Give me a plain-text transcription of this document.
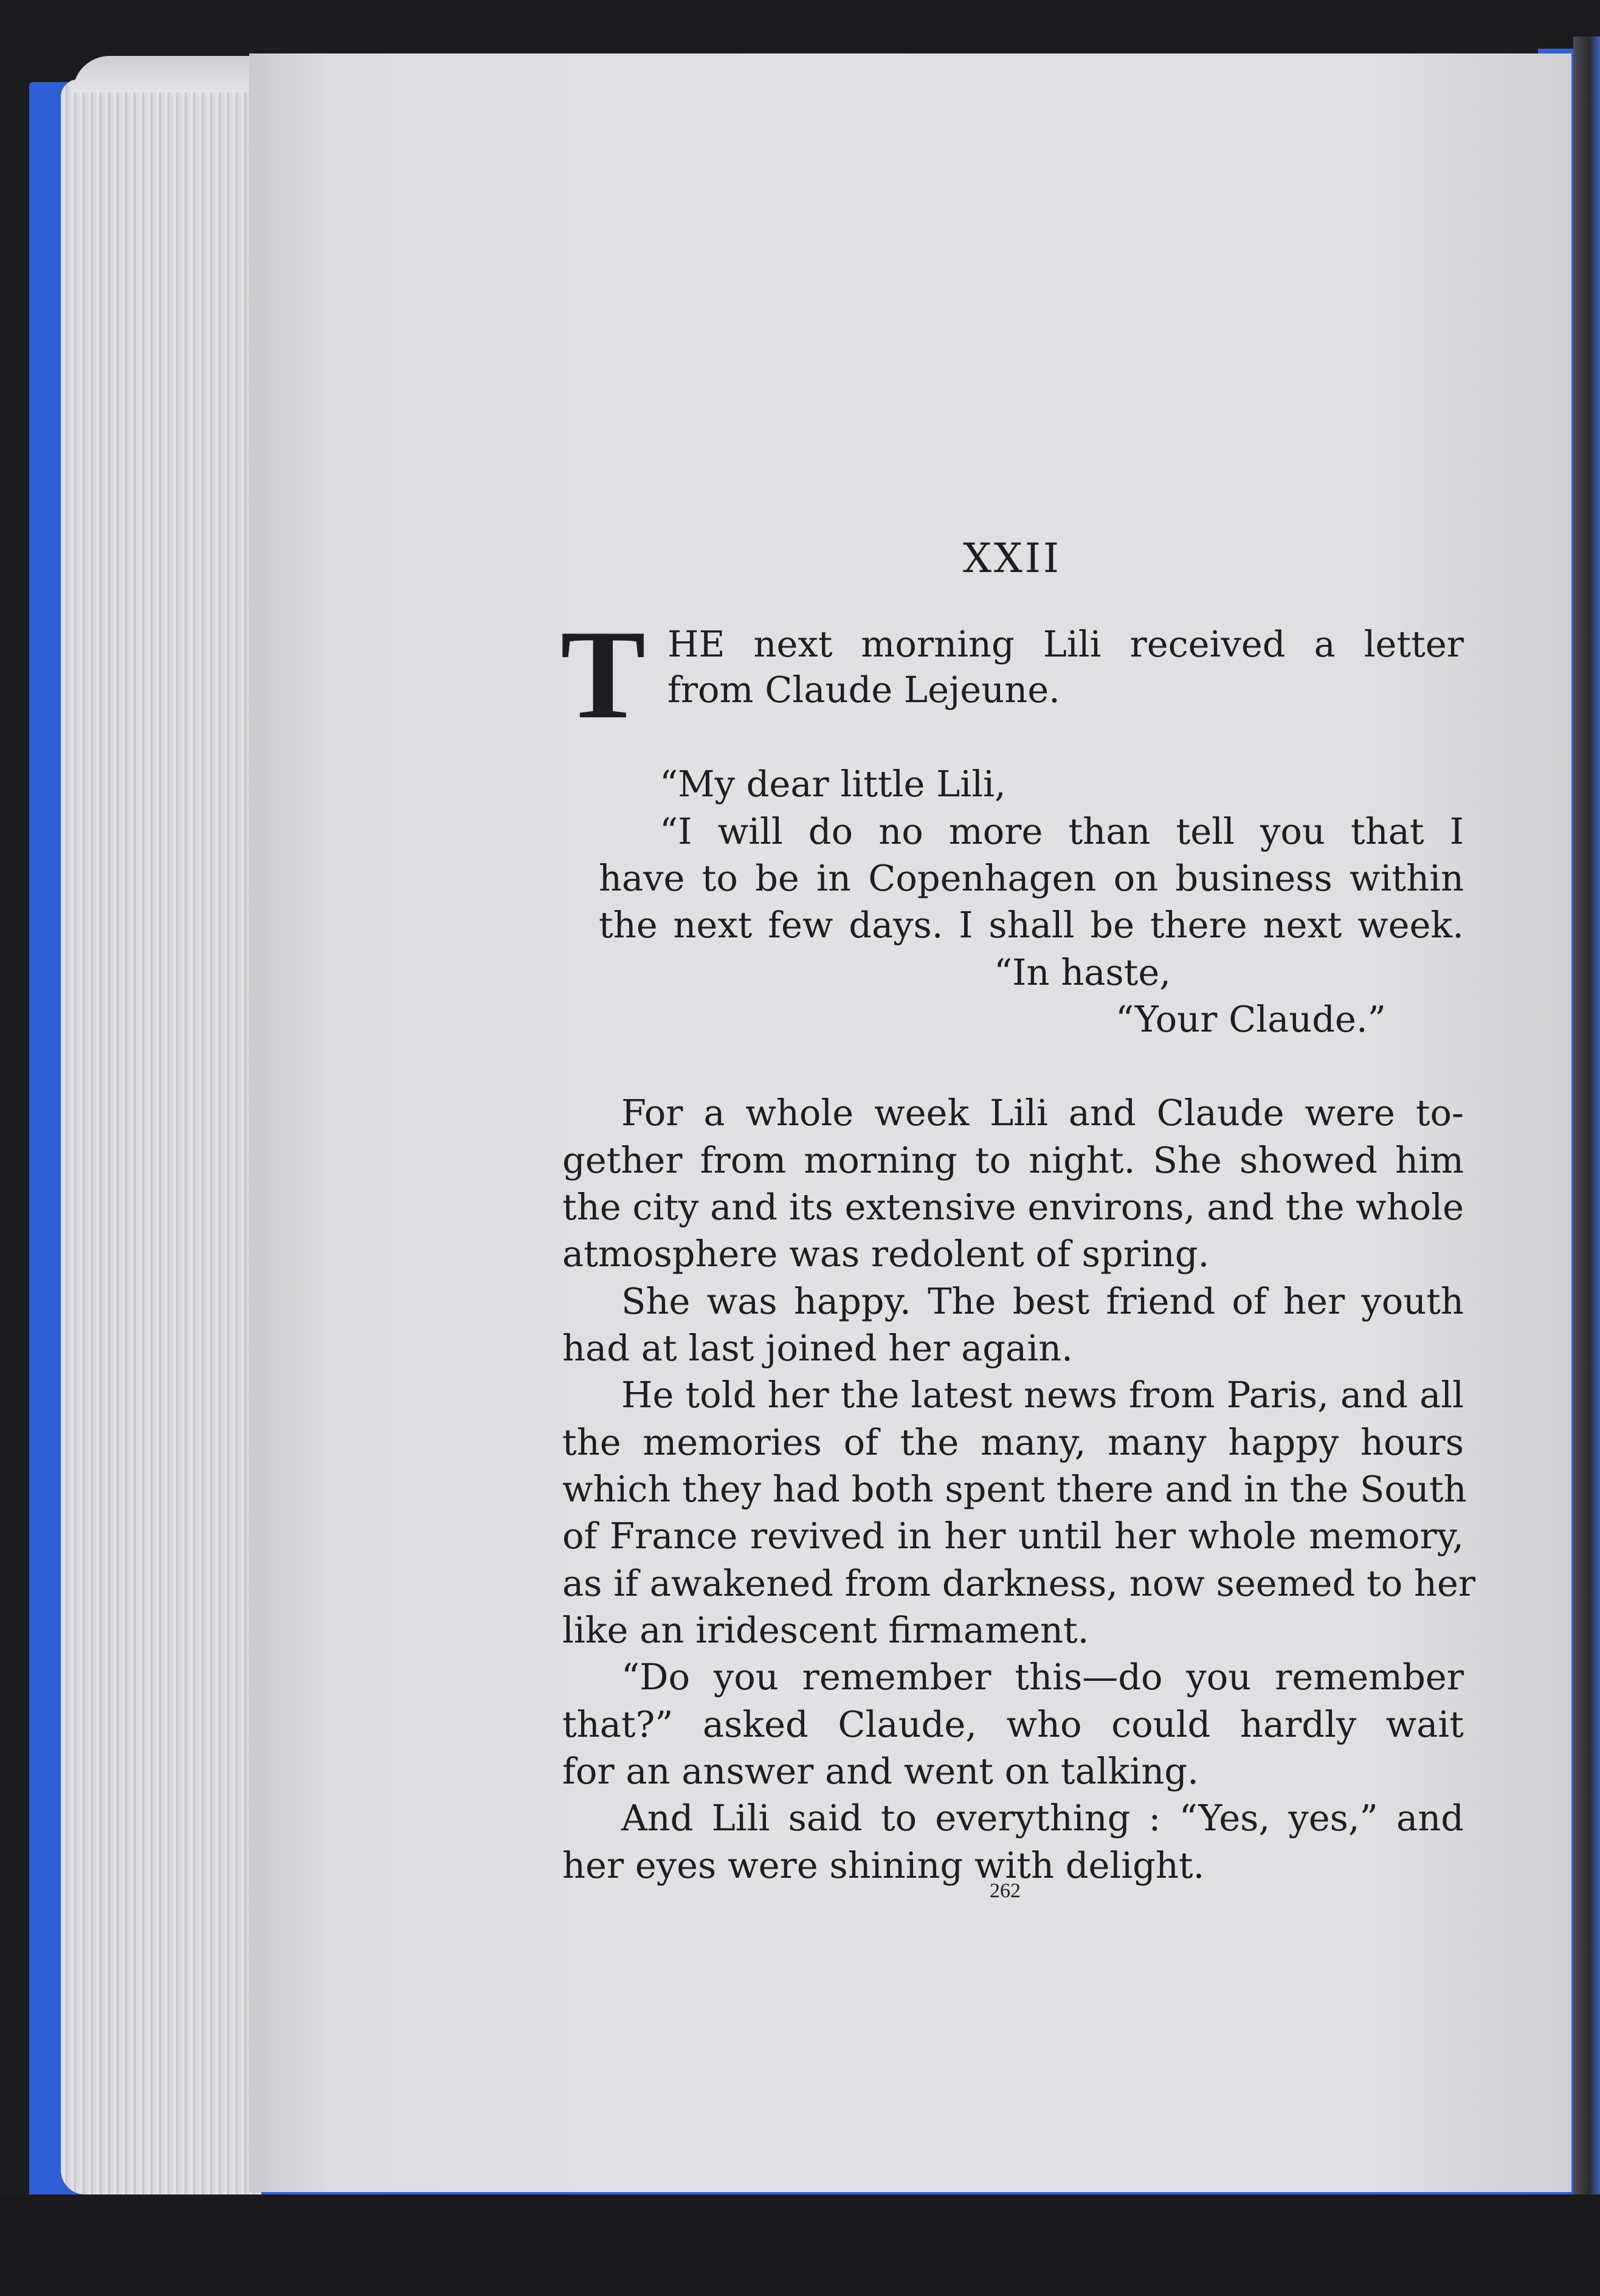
XXII
T HE next morning Lili received a letter
from Claude Lejeune.
“My dear little Lili,
“I will do no more than tell you that I
have to be in Copenhagen on business within
the next few days. I shall be there next week.
“In haste,
“Your Claude.”
For a whole week Lili and Claude were to-
gether from morning to night. She showed him
the city and its extensive environs, and the whole
atmosphere was redolent of spring.
She was happy. The best friend of her youth
had at last joined her again.
He told her the latest news from Paris, and all
the memories of the many, many happy hours
which they had both spent there and in the South
of France revived in her until her whole memory,
as if awakened from darkness, now seemed to her
like an iridescent firmament.
“Do you remember this—do you remember
that?” asked Claude, who could hardly wait
for an answer and went on talking.
And Lili said to everything : “Yes, yes,” and
her eyes were shining with delight.
262
